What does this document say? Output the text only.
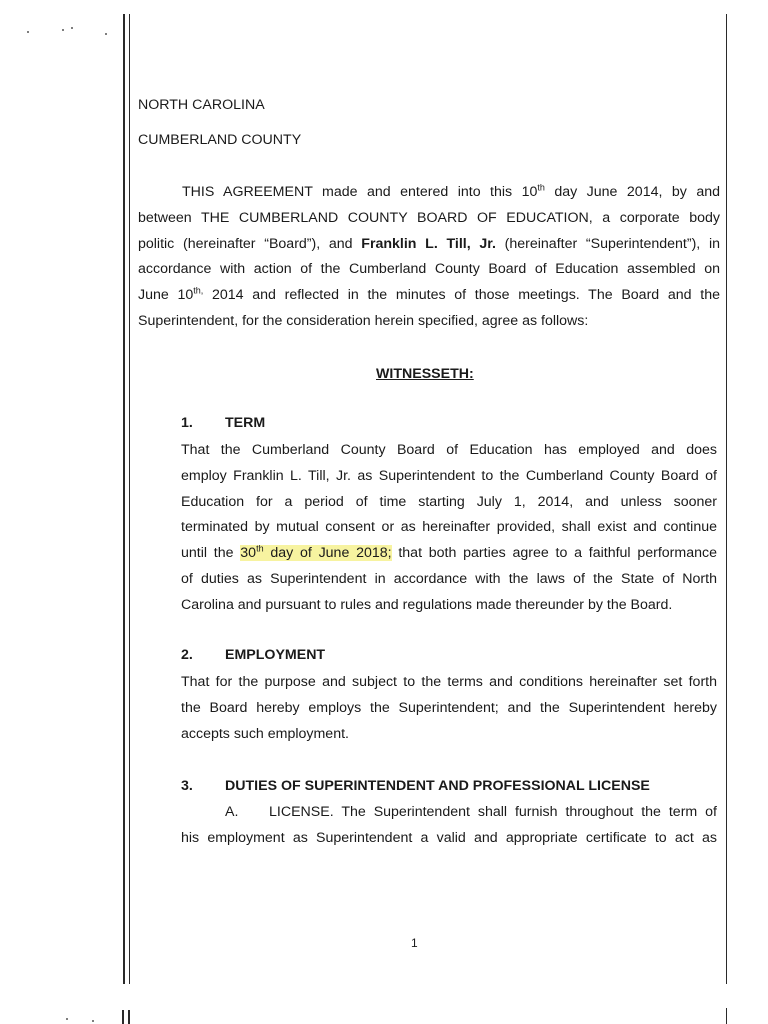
NORTH CAROLINA
CUMBERLAND COUNTY
THIS AGREEMENT made and entered into this 10th day June 2014, by and
between THE CUMBERLAND COUNTY BOARD OF EDUCATION, a corporate body
politic (hereinafter “Board”), and Franklin L. Till, Jr. (hereinafter “Superintendent”), in
accordance with action of the Cumberland County Board of Education assembled on
June $10^{th,}$ 2014 and reflected in the minutes of those meetings. The Board and the
Superintendent, for the consideration herein specified, agree as follows:
WITNESSETH:
1. TERM
That the Cumberland County Board of Education has employed and does
employ Franklin L. Till, Jr. as Superintendent to the Cumberland County Board of
Education for a period of time starting July 1, 2014, and unless sooner
terminated by mutual consent or as hereinafter provided, shall exist and continue
until the 30th day of June 2018; that both parties agree to a faithful performance
of duties as Superintendent in accordance with the laws of the State of North
Carolina and pursuant to rules and regulations made thereunder by the Board.
2. EMPLOYMENT
That for the purpose and subject to the terms and conditions hereinafter set forth
the Board hereby employs the Superintendent; and the Superintendent hereby
accepts such employment.
3. DUTIES OF SUPERINTENDENT AND PROFESSIONAL LICENSE
A. LICENSE. The Superintendent shall furnish throughout the term of
his employment as Superintendent a valid and appropriate certificate to act as
1
